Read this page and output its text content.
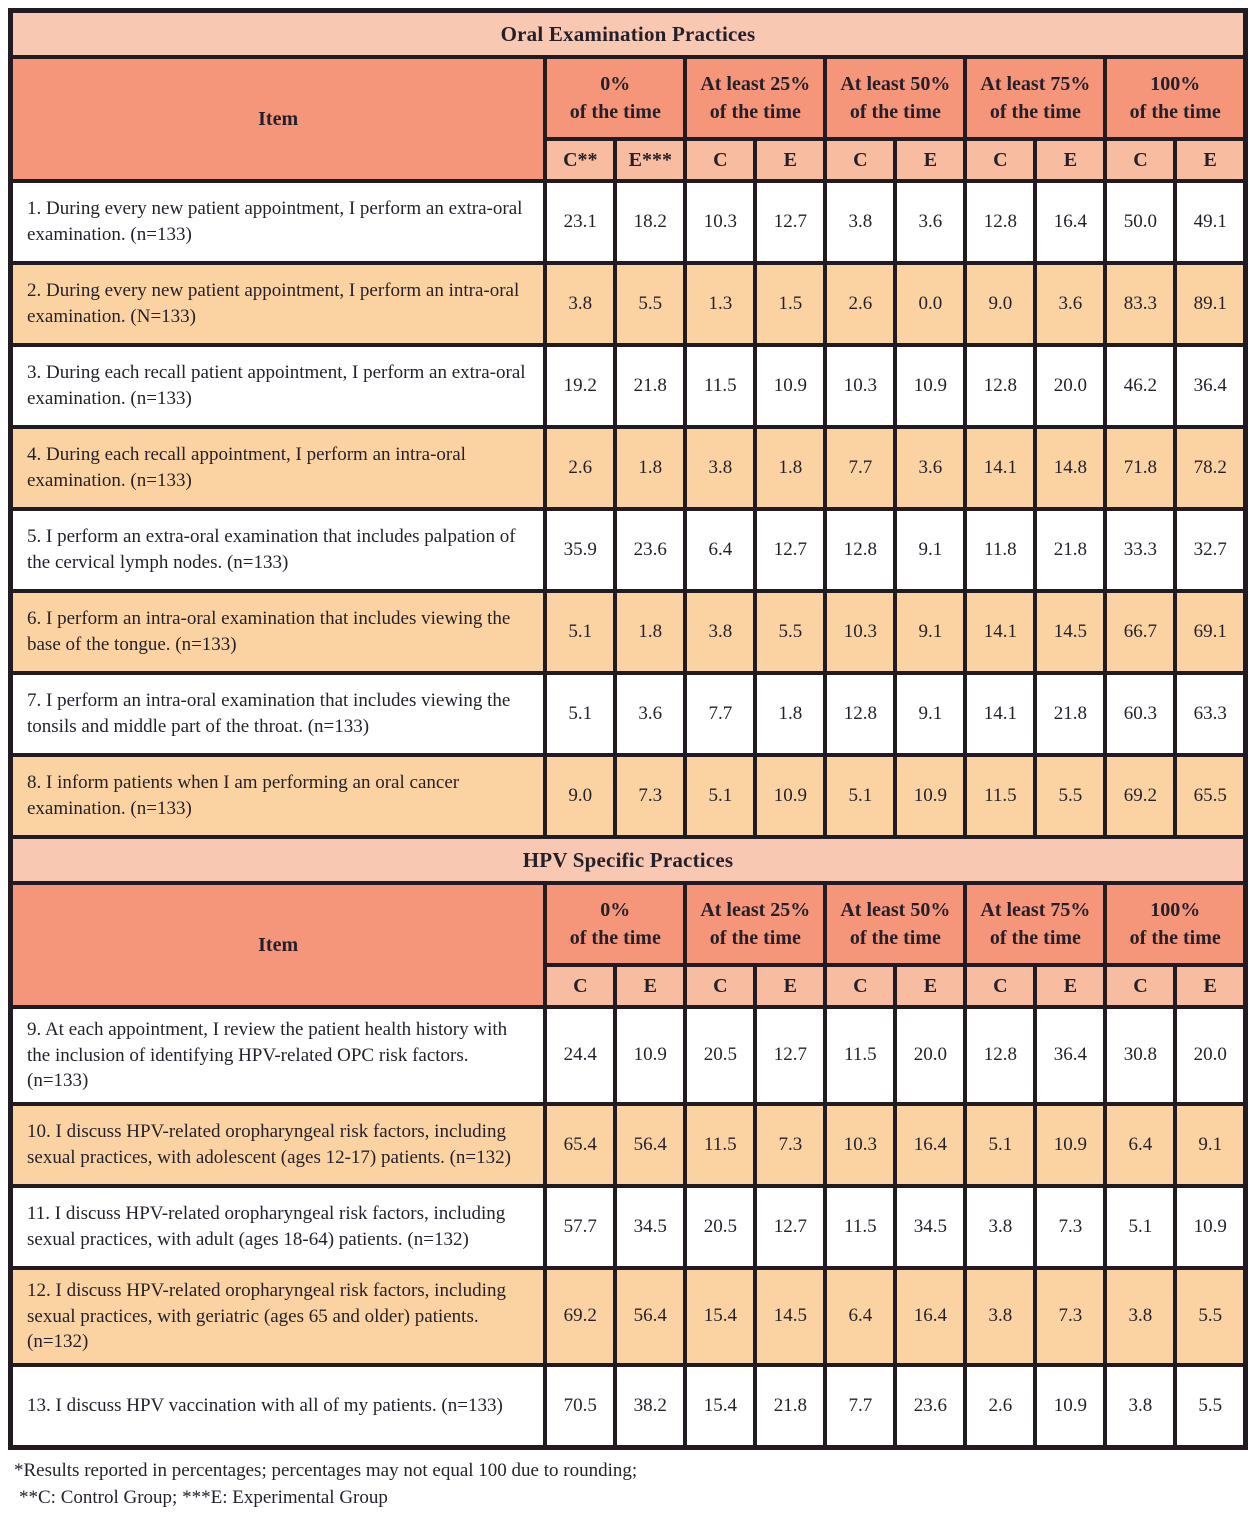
Oral Examination Practices										
Item	
0%
of the time

At least 25%
of the time

At least 50%
of the time

At least 75%
of the time

100%
of the time

	C**	E***	C	E	C	E	C	E	C	E
1. During every new patient appointment, I perform an extra-oral examination. (n=133)	23.1	18.2	10.3	12.7	3.8	3.6	12.8	16.4	50.0	49.1
2. During every new patient appointment, I perform an intra-oral examination. (N=133)	3.8	5.5	1.3	1.5	2.6	0.0	9.0	3.6	83.3	89.1
3. During each recall patient appointment, I perform an extra-oral examination. (n=133)	19.2	21.8	11.5	10.9	10.3	10.9	12.8	20.0	46.2	36.4
4. During each recall appointment, I perform an intra-oral examination. (n=133)	2.6	1.8	3.8	1.8	7.7	3.6	14.1	14.8	71.8	78.2
5. I perform an extra-oral examination that includes palpation of the cervical lymph nodes. (n=133)	35.9	23.6	6.4	12.7	12.8	9.1	11.8	21.8	33.3	32.7
6. I perform an intra-oral examination that includes viewing the base of the tongue. (n=133)	5.1	1.8	3.8	5.5	10.3	9.1	14.1	14.5	66.7	69.1
7. I perform an intra-oral examination that includes viewing the tonsils and middle part of the throat. (n=133)	5.1	3.6	7.7	1.8	12.8	9.1	14.1	21.8	60.3	63.3
8. I inform patients when I am performing an oral cancer examination. (n=133)	9.0	7.3	5.1	10.9	5.1	10.9	11.5	5.5	69.2	65.5
HPV Specific Practices										
Item	
0%
of the time

At least 25%
of the time

At least 50%
of the time

At least 75%
of the time

100%
of the time

	C	E	C	E	C	E	C	E	C	E
9. At each appointment, I review the patient health history with the inclusion of identifying HPV-related OPC risk factors. (n=133)	24.4	10.9	20.5	12.7	11.5	20.0	12.8	36.4	30.8	20.0
10. I discuss HPV-related oropharyngeal risk factors, including sexual practices, with adolescent (ages 12-17) patients. (n=132)	65.4	56.4	11.5	7.3	10.3	16.4	5.1	10.9	6.4	9.1
11. I discuss HPV-related oropharyngeal risk factors, including sexual practices, with adult (ages 18-64) patients. (n=132)	57.7	34.5	20.5	12.7	11.5	34.5	3.8	7.3	5.1	10.9
12. I discuss HPV-related oropharyngeal risk factors, including sexual practices, with geriatric (ages 65 and older) patients. (n=132)	69.2	56.4	15.4	14.5	6.4	16.4	3.8	7.3	3.8	5.5
13. I discuss HPV vaccination with all of my patients. (n=133)	70.5	38.2	15.4	21.8	7.7	23.6	2.6	10.9	3.8	5.5
*Results reported in percentages; percentages may not equal 100 due to rounding;
**C: Control Group; ***E: Experimental Group
